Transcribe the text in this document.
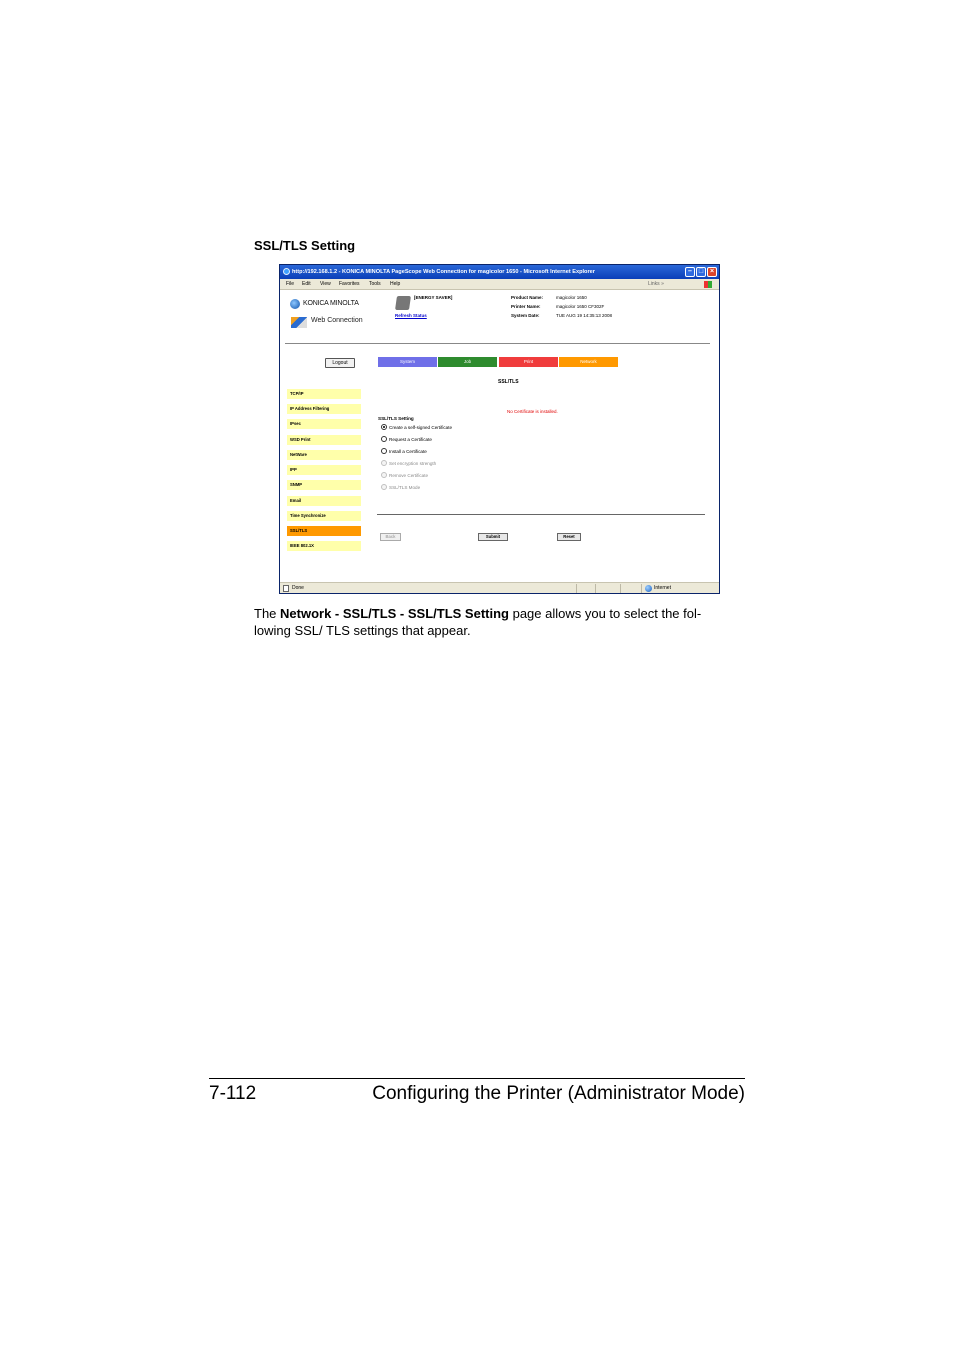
SSL/TLS Setting
http://192.168.1.2 - KONICA MINOLTA PageScope Web Connection for magicolor 1650 - Microsoft Internet Explorer	– □ ×
File Edit View Favorites Tools Help	Links »
KONICA MINOLTA
Web Connection
[ENERGY SAVER]
Refresh Status
Product Name:	magicolor 1650
Printer Name:	magicolor 1650 CF302F
System Date:	TUE AUG 19 14:35:13 2008
Logout	System	Job	Print	Network
TCP/IP
IP Address Filtering
IPsec
WSD Print
NetWare
IPP
SNMP
Email
Time Synchronize
SSL/TLS
IEEE 802.1X
SSL/TLS
No Certificate is installed.
SSL/TLS Setting
Create a self-signed Certificate
Request a Certificate
Install a Certificate
Set encryption strength
Remove Certificate
SSL/TLS Mode
Back	Submit	Reset
Done	Internet
The Network - SSL/TLS - SSL/TLS Setting page allows you to select the fol-
lowing SSL/ TLS settings that appear.
7-112	Configuring the Printer (Administrator Mode)
